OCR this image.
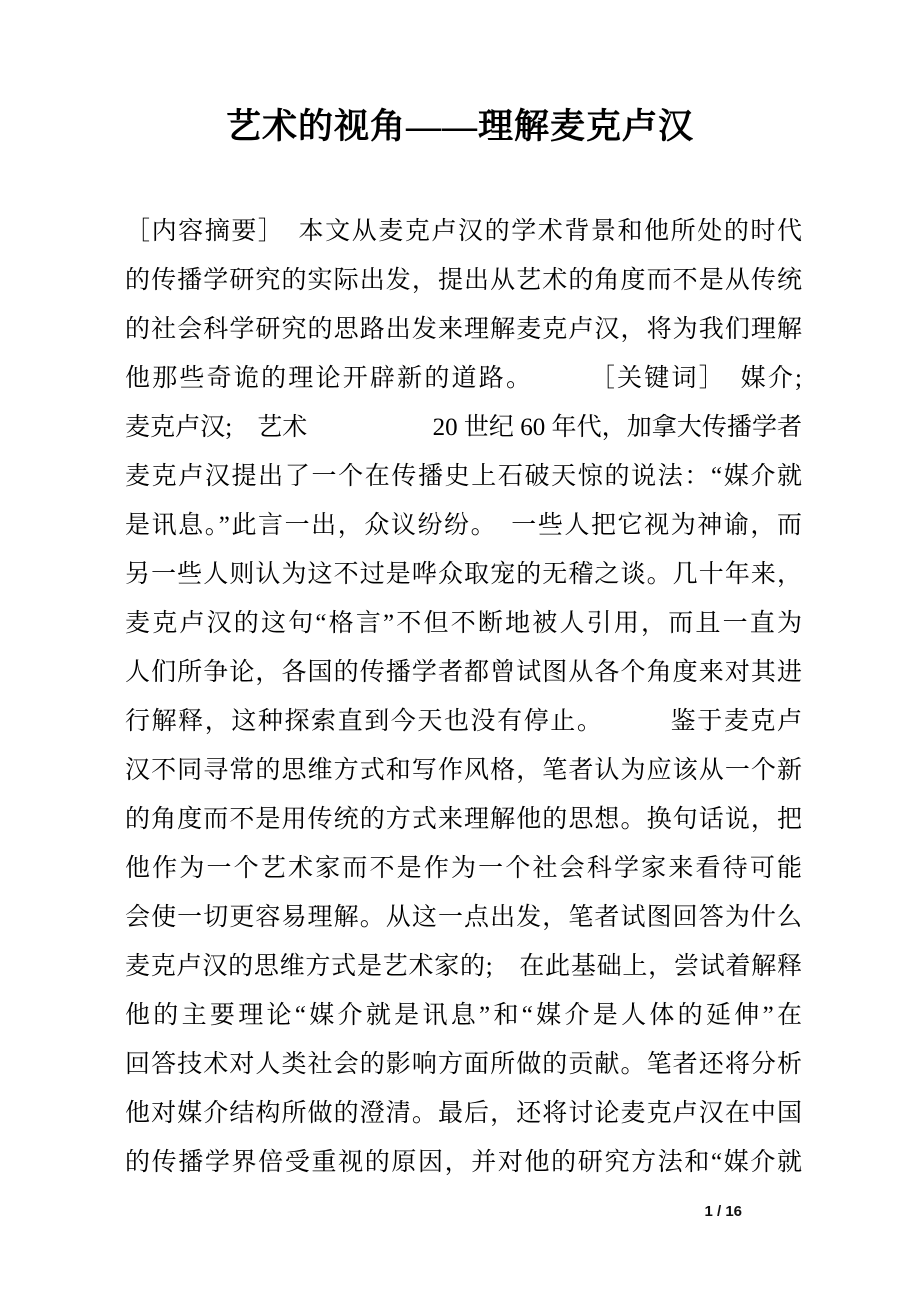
艺术的视角——理解麦克卢汉
［内容摘要］　本文从麦克卢汉的学术背景和他所处的时代
的传播学研究的实际出发，提出从艺术的角度而不是从传统
的社会科学研究的思路出发来理解麦克卢汉，将为我们理解
他那些奇诡的理论开辟新的道路。　　　［关键词］　媒介;
麦克卢汉;　艺术　　　　　20 世纪 60 年代，加拿大传播学者
麦克卢汉提出了一个在传播史上石破天惊的说法：“媒介就
是讯息。”此言一出，众议纷纷。　一些人把它视为神谕，而
另一些人则认为这不过是哗众取宠的无稽之谈。几十年来，
麦克卢汉的这句“格言”不但不断地被人引用，而且一直为
人们所争论，各国的传播学者都曾试图从各个角度来对其进
行解释，这种探索直到今天也没有停止。　　　鉴于麦克卢
汉不同寻常的思维方式和写作风格，笔者认为应该从一个新
的角度而不是用传统的方式来理解他的思想。换句话说，把
他作为一个艺术家而不是作为一个社会科学家来看待可能
会使一切更容易理解。从这一点出发，笔者试图回答为什么
麦克卢汉的思维方式是艺术家的;　在此基础上，尝试着解释
他的主要理论“媒介就是讯息”和“媒介是人体的延伸”在
回答技术对人类社会的影响方面所做的贡献。笔者还将分析
他对媒介结构所做的澄清。最后，还将讨论麦克卢汉在中国
的传播学界倍受重视的原因，并对他的研究方法和“媒介就
1 / 16
